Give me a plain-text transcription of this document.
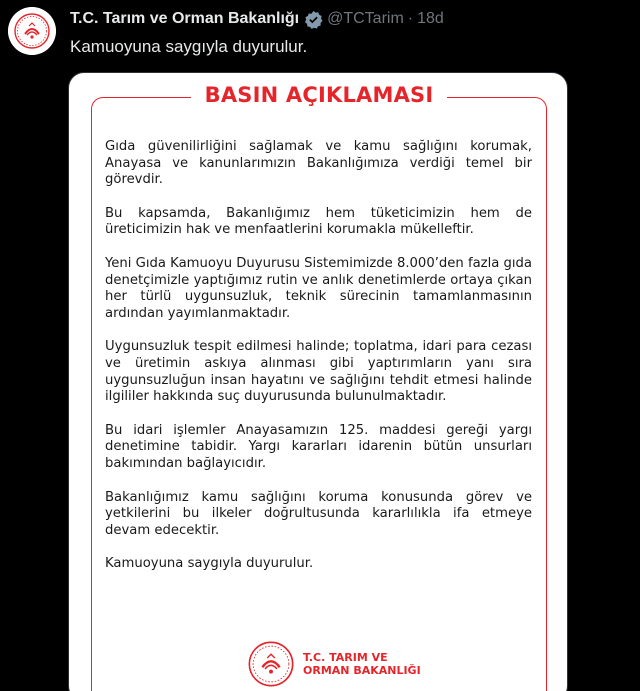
T.C. Tarım ve Orman Bakanlığı @TCTarim · 18d
Kamuoyuna saygıyla duyurulur.
BASIN AÇIKLAMASI

Gıda güvenilirliğini sağlamak ve kamu sağlığını korumak, Anayasa ve kanunlarımızın Bakanlığımıza verdiği temel bir görevdir.

Bu kapsamda, Bakanlığımız hem tüketicimizin hem de üreticimizin hak ve menfaatlerini korumakla mükelleftir.

Yeni Gıda Kamuoyu Duyurusu Sistemimizde 8.000’den fazla gıda denetçimizle yaptığımız rutin ve anlık denetimlerde ortaya çıkan her türlü uygunsuzluk, teknik sürecinin tamamlanmasının ardından yayımlanmaktadır.

Uygunsuzluk tespit edilmesi halinde; toplatma, idari para cezası ve üretimin askıya alınması gibi yaptırımların yanı sıra uygunsuzluğun insan hayatını ve sağlığını tehdit etmesi halinde ilgililer hakkında suç duyurusunda bulunulmaktadır.

Bu idari işlemler Anayasamızın 125. maddesi gereği yargı denetimine tabidir. Yargı kararları idarenin bütün unsurları bakımından bağlayıcıdır.

Bakanlığımız kamu sağlığını koruma konusunda görev ve yetkilerini bu ilkeler doğrultusunda kararlılıkla ifa etmeye devam edecektir.

Kamuoyuna saygıyla duyurulur.

T.C. TARIM VE
ORMAN BAKANLIĞI
